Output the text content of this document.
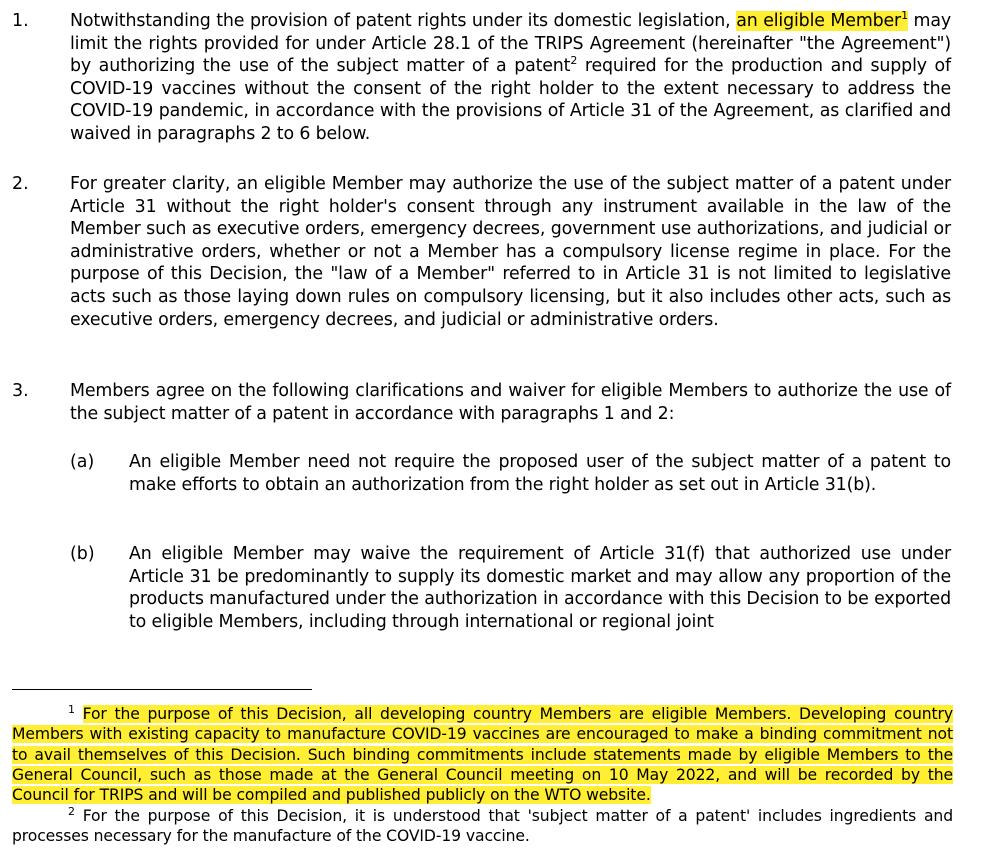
1. Notwithstanding the provision of patent rights under its domestic legislation, an eligible Member$^1$ may limit the rights provided for under Article 28.1 of the TRIPS Agreement (hereinafter "the Agreement") by authorizing the use of the subject matter of a patent$^2$ required for the production and supply of COVID-19 vaccines without the consent of the right holder to the extent necessary to address the COVID-19 pandemic, in accordance with the provisions of Article 31 of the Agreement, as clarified and waived in paragraphs 2 to 6 below.
2. For greater clarity, an eligible Member may authorize the use of the subject matter of a patent under Article 31 without the right holder's consent through any instrument available in the law of the Member such as executive orders, emergency decrees, government use authorizations, and judicial or administrative orders, whether or not a Member has a compulsory license regime in place. For the purpose of this Decision, the "law of a Member" referred to in Article 31 is not limited to legislative acts such as those laying down rules on compulsory licensing, but it also includes other acts, such as executive orders, emergency decrees, and judicial or administrative orders.
3. Members agree on the following clarifications and waiver for eligible Members to authorize the use of the subject matter of a patent in accordance with paragraphs 1 and 2:
(a) An eligible Member need not require the proposed user of the subject matter of a patent to make efforts to obtain an authorization from the right holder as set out in Article 31(b).
(b) An eligible Member may waive the requirement of Article 31(f) that authorized use under Article 31 be predominantly to supply its domestic market and may allow any proportion of the products manufactured under the authorization in accordance with this Decision to be exported to eligible Members, including through international or regional joint
$^1$ For the purpose of this Decision, all developing country Members are eligible Members. Developing country Members with existing capacity to manufacture COVID-19 vaccines are encouraged to make a binding commitment not to avail themselves of this Decision. Such binding commitments include statements made by eligible Members to the General Council, such as those made at the General Council meeting on 10 May 2022, and will be recorded by the Council for TRIPS and will be compiled and published publicly on the WTO website.
$^2$ For the purpose of this Decision, it is understood that 'subject matter of a patent' includes ingredients and processes necessary for the manufacture of the COVID-19 vaccine.
